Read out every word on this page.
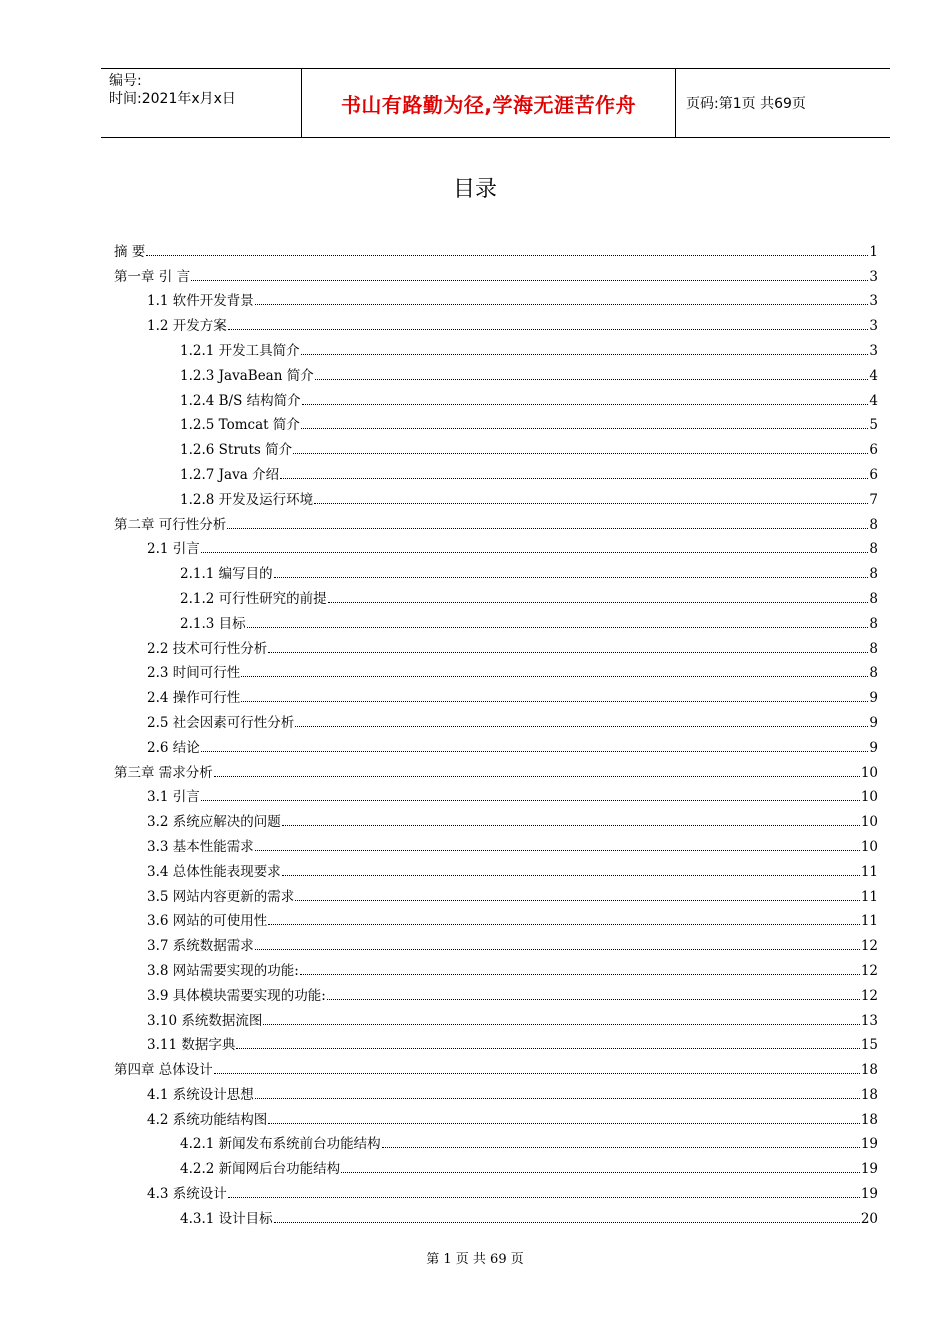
编号:
时间:2021年x月x日	书山有路勤为径,学海无涯苦作舟	页码:第1页 共69页
目录
摘 要	1
第一章 引 言	3
1.1 软件开发背景	3
1.2 开发方案	3
1.2.1 开发工具简介	3
1.2.3 JavaBean 简介	4
1.2.4 B/S 结构简介	4
1.2.5 Tomcat 简介	5
1.2.6 Struts 简介	6
1.2.7 Java 介绍	6
1.2.8 开发及运行环境	7
第二章 可行性分析	8
2.1 引言	8
2.1.1 编写目的	8
2.1.2 可行性研究的前提	8
2.1.3 目标	8
2.2 技术可行性分析	8
2.3 时间可行性	8
2.4 操作可行性	9
2.5 社会因素可行性分析	9
2.6 结论	9
第三章 需求分析	10
3.1 引言	10
3.2 系统应解决的问题	10
3.3 基本性能需求	10
3.4 总体性能表现要求	11
3.5 网站内容更新的需求	11
3.6 网站的可使用性	11
3.7 系统数据需求	12
3.8 网站需要实现的功能:	12
3.9 具体模块需要实现的功能:	12
3.10 系统数据流图	13
3.11 数据字典	15
第四章 总体设计	18
4.1 系统设计思想	18
4.2 系统功能结构图	18
4.2.1 新闻发布系统前台功能结构	19
4.2.2 新闻网后台功能结构	19
4.3 系统设计	19
4.3.1 设计目标	20
第 1 页 共 69 页
